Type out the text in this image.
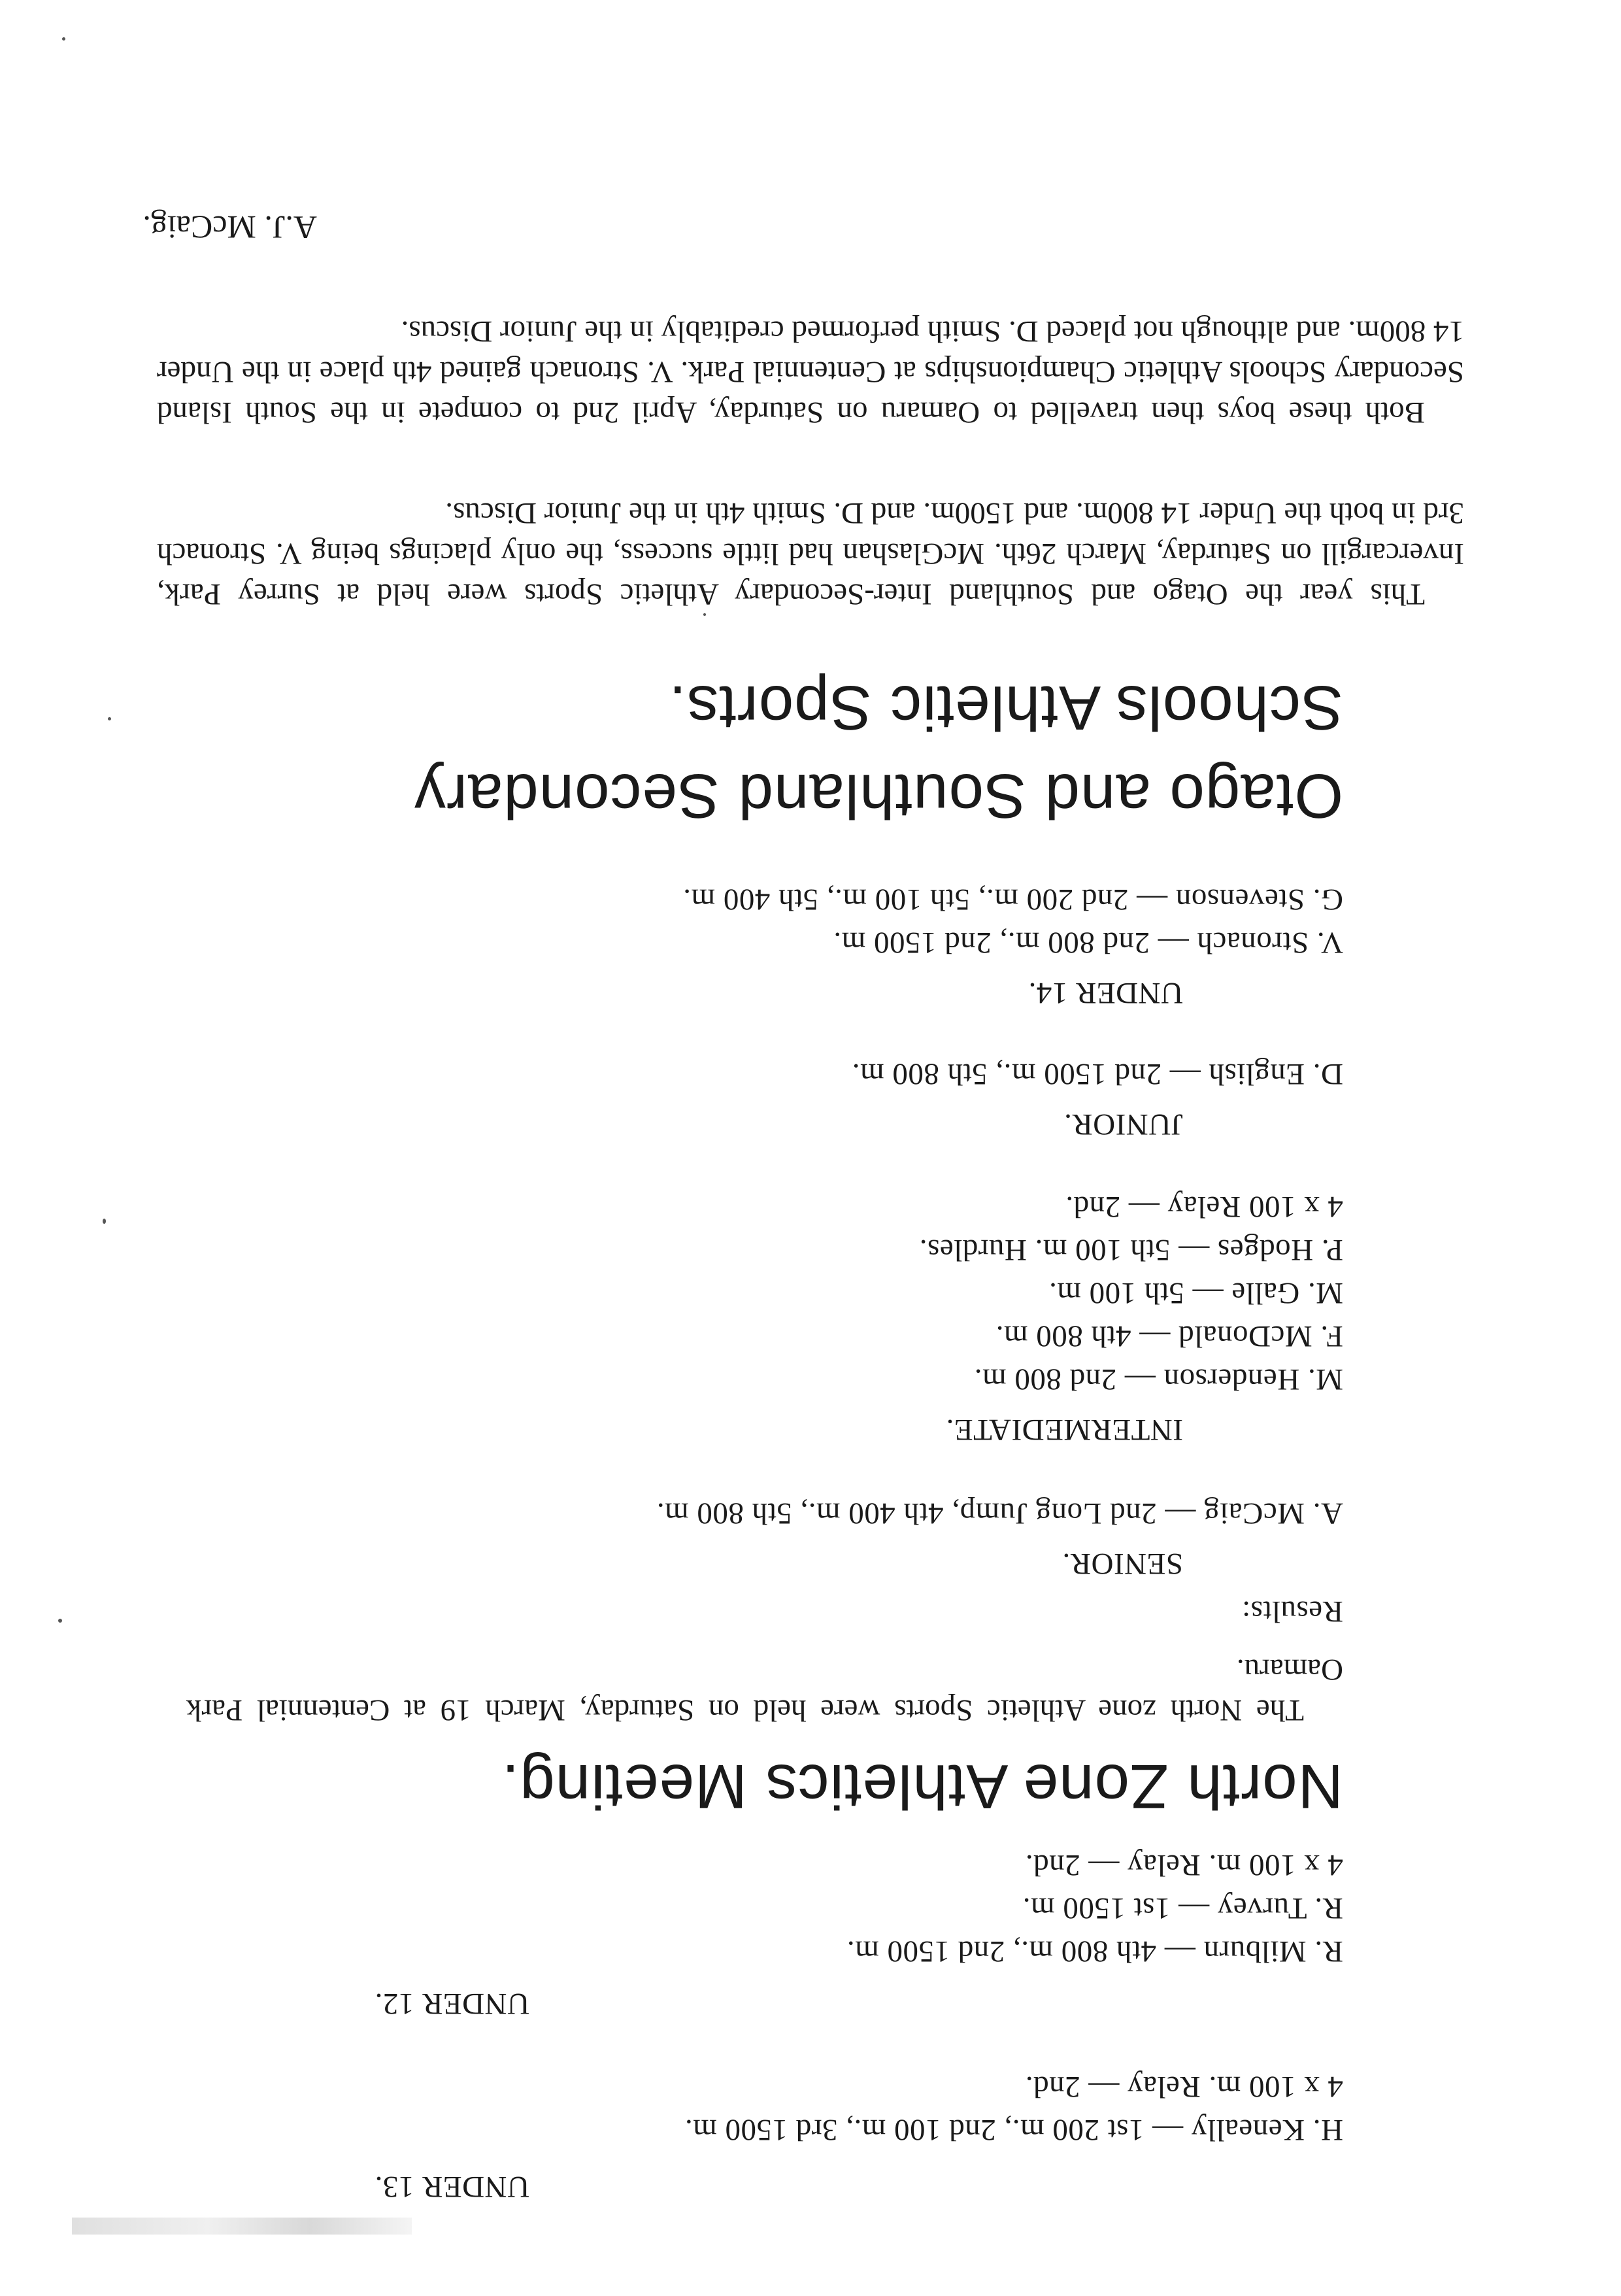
UNDER 13.
H. Keneally — 1st 200 m., 2nd 100 m., 3rd 1500 m.
4 x 100 m. Relay — 2nd.
UNDER 12.
R. Milburn — 4th 800 m., 2nd 1500 m.
R. Turvey — 1st 1500 m.
4 x 100 m. Relay — 2nd.
North Zone Athletics Meeting.
The North zone Athletic Sports were held on Saturday, March 19 at Centennial Park Oamaru.
Results:
SENIOR.
A. McCaig — 2nd Long Jump, 4th 400 m., 5th 800 m.
INTERMEDIATE.
M. Henderson — 2nd 800 m.
F. McDonald — 4th 800 m.
M. Galle — 5th 100 m.
P. Hodges — 5th 100 m. Hurdles.
4 x 100 Relay — 2nd.
JUNIOR.
D. English — 2nd 1500 m., 5th 800 m.
UNDER 14.
V. Stronach — 2nd 800 m., 2nd 1500 m.
G. Stevenson — 2nd 200 m., 5th 100 m., 5th 400 m.
Otago and Southland Secondary
Schools Athletic Sports.
This year the Otago and Southland Inter-Secondary Athletic Sports were held at Surrey Park, Invercargill on Saturday, March 26th. McGlashan had little success, the only placings being V. Stronach 3rd in both the Under 14 800m. and 1500m. and D. Smith 4th in the Junior Discus.
Both these boys then travelled to Oamaru on Saturday, April 2nd to compete in the South Island Secondary Schools Athletic Championships at Centennial Park. V. Stronach gained 4th place in the Under 14 800m. and although not placed D. Smith performed creditably in the Junior Discus.
A.J. McCaig.
